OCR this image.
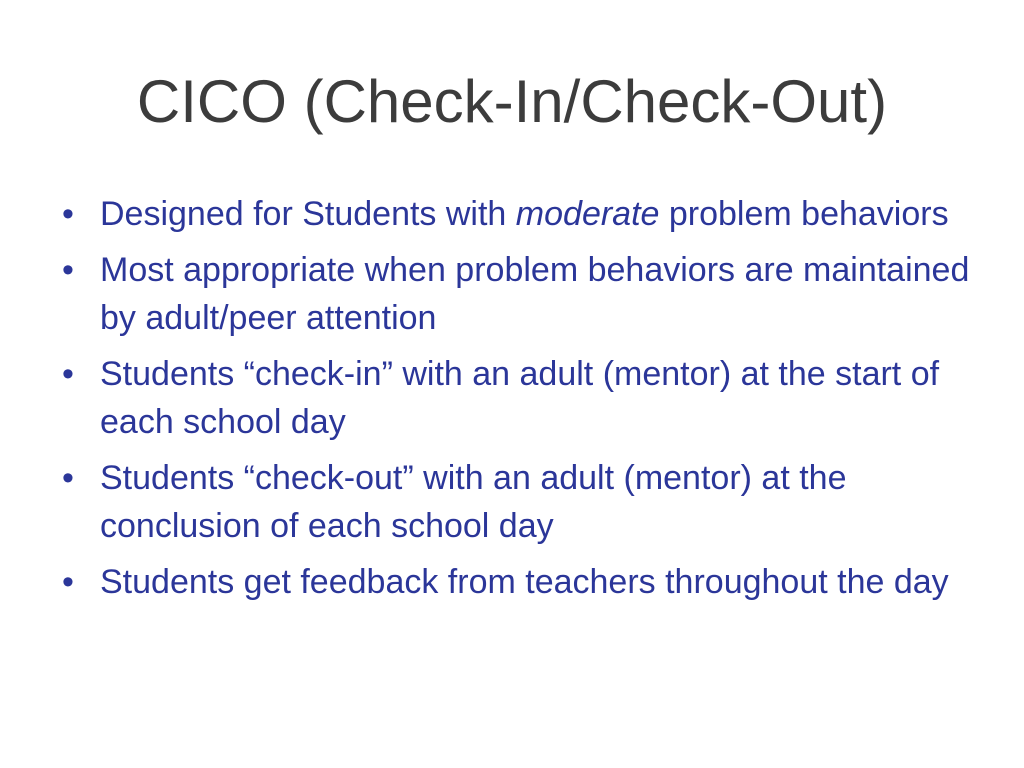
CICO (Check-In/Check-Out)
• Designed for Students with moderate problem behaviors
• Most appropriate when problem behaviors are maintained by adult/peer attention
• Students “check-in” with an adult (mentor) at the start of each school day
• Students “check-out” with an adult (mentor) at the conclusion of each school day
• Students get feedback from teachers throughout the day
